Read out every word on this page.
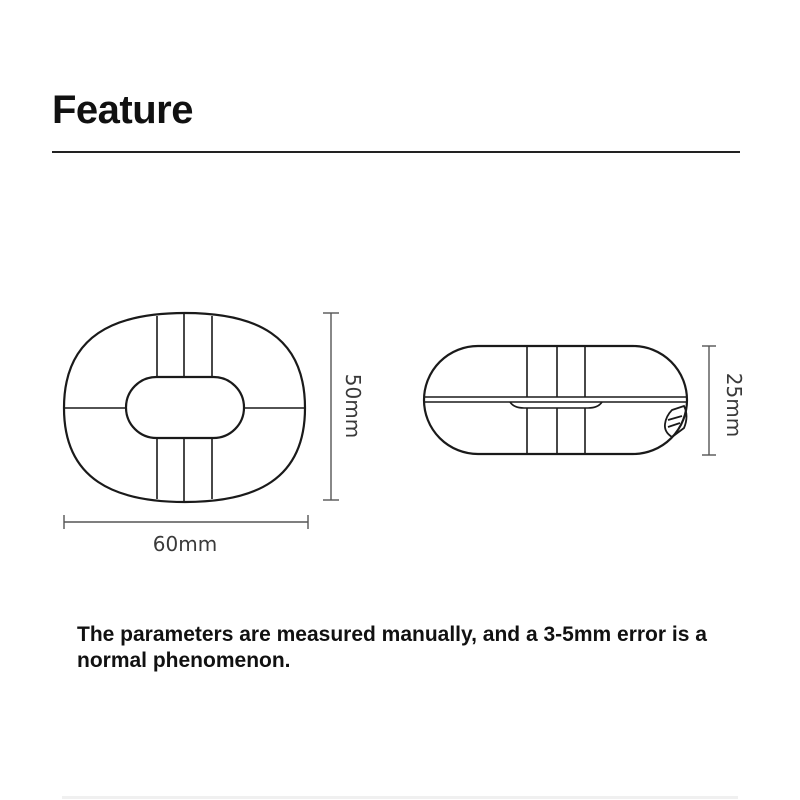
Feature
50mm
60mm
25mm

The parameters are measured manually, and a 3-5mm error is a normal phenomenon.
